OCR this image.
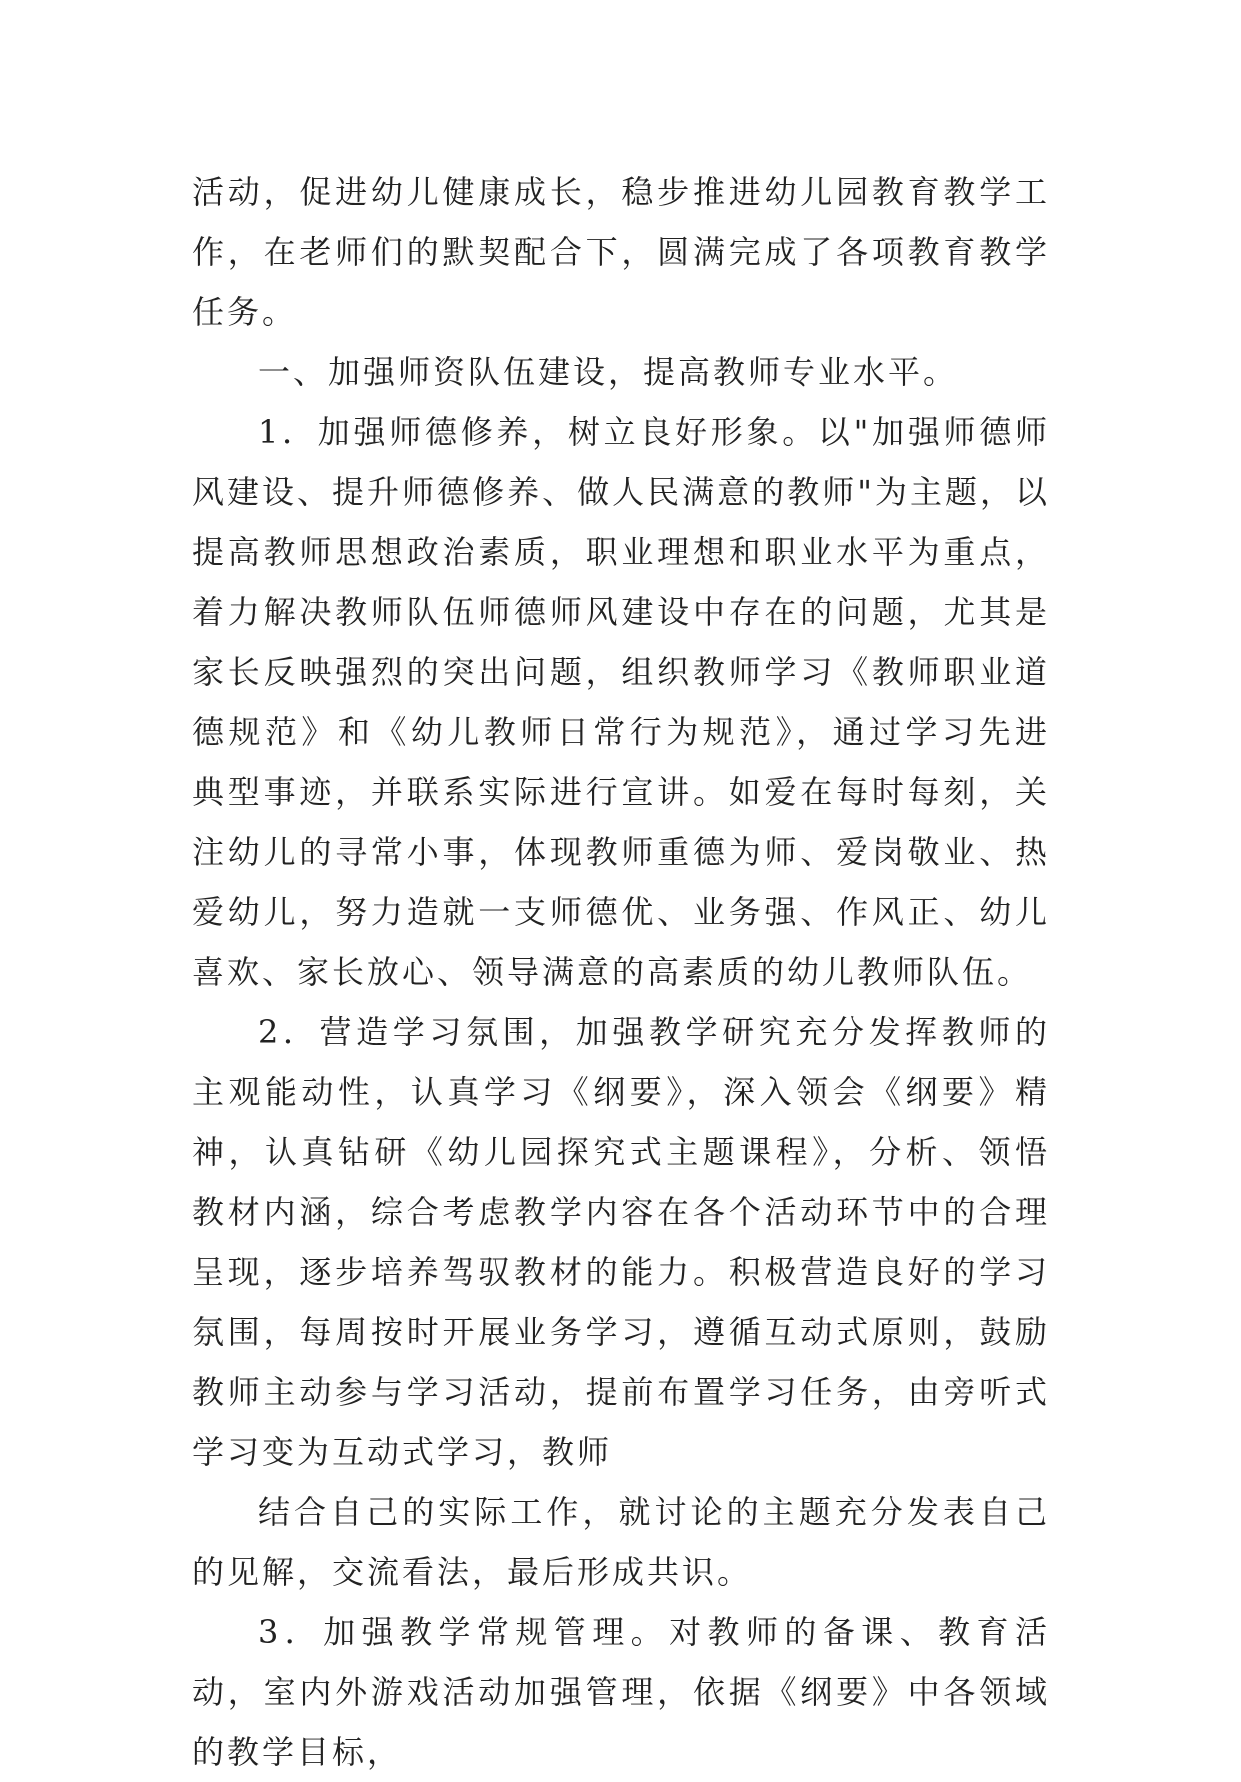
活动，促进幼儿健康成长，稳步推进幼儿园教育教学工作，在老师们的默契配合下，圆满完成了各项教育教学任务。

一、加强师资队伍建设，提高教师专业水平。

1．加强师德修养，树立良好形象。以"加强师德师风建设、提升师德修养、做人民满意的教师"为主题，以提高教师思想政治素质，职业理想和职业水平为重点，着力解决教师队伍师德师风建设中存在的问题，尤其是家长反映强烈的突出问题，组织教师学习《教师职业道德规范》和《幼儿教师日常行为规范》，通过学习先进典型事迹，并联系实际进行宣讲。如爱在每时每刻，关注幼儿的寻常小事，体现教师重德为师、爱岗敬业、热爱幼儿，努力造就一支师德优、业务强、作风正、幼儿喜欢、家长放心、领导满意的高素质的幼儿教师队伍。

2．营造学习氛围，加强教学研究充分发挥教师的主观能动性，认真学习《纲要》，深入领会《纲要》精神，认真钻研《幼儿园探究式主题课程》，分析、领悟教材内涵，综合考虑教学内容在各个活动环节中的合理呈现，逐步培养驾驭教材的能力。积极营造良好的学习氛围，每周按时开展业务学习，遵循互动式原则，鼓励教师主动参与学习活动，提前布置学习任务，由旁听式学习变为互动式学习，教师

结合自己的实际工作，就讨论的主题充分发表自己的见解，交流看法，最后形成共识。

3．加强教学常规管理。对教师的备课、教育活动，室内外游戏活动加强管理，依据《纲要》中各领域的教学目标，
